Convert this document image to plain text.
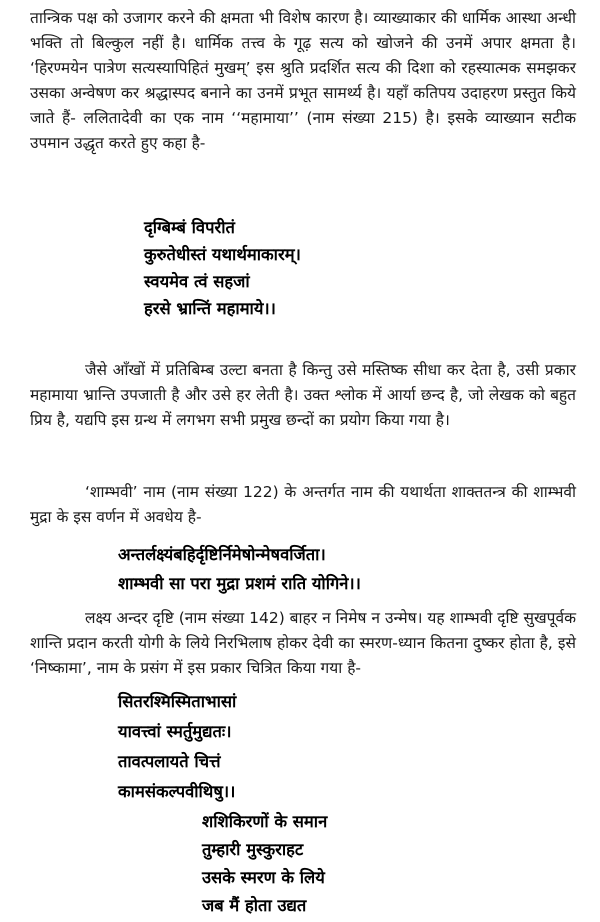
तान्त्रिक पक्ष को उजागर करने की क्षमता भी विशेष कारण है। व्याख्याकार की धार्मिक आस्था अन्धी भक्ति तो बिल्कुल नहीं है। धार्मिक तत्त्व के गूढ़ सत्य को खोजने की उनमें अपार क्षमता है। ‘हिरण्मयेन पात्रेण सत्यस्यापिहितं मुखम्’ इस श्रुति प्रदर्शित सत्य की दिशा को रहस्यात्मक समझकर उसका अन्वेषण कर श्रद्धास्पद बनाने का उनमें प्रभूत सामर्थ्य है। यहाँ कतिपय उदाहरण प्रस्तुत किये जाते हैं- ललितादेवी का एक नाम ‘‘महामाया’’ (नाम संख्या 215) है। इसके व्याख्यान सटीक उपमान उद्धृत करते हुए कहा है-

दृग्बिम्बं विपरीतं
कुरुतेधीस्तं यथार्थमाकारम्।
स्वयमेव त्वं सहजां
हरसे भ्रान्तिं महामाये।।

जैसे आँखों में प्रतिबिम्ब उल्टा बनता है किन्तु उसे मस्तिष्क सीधा कर देता है, उसी प्रकार महामाया भ्रान्ति उपजाती है और उसे हर लेती है। उक्त श्लोक में आर्या छन्द है, जो लेखक को बहुत प्रिय है, यद्यपि इस ग्रन्थ में लगभग सभी प्रमुख छन्दों का प्रयोग किया गया है।

‘शाम्भवी’ नाम (नाम संख्या 122) के अन्तर्गत नाम की यथार्थता शाक्ततन्त्र की शाम्भवी मुद्रा के इस वर्णन में अवधेय है-

अन्तर्लक्ष्यंबहिर्दृष्टिर्निमेषोन्मेषवर्जिता।
शाम्भवी सा परा मुद्रा प्रशमं राति योगिने।।

लक्ष्य अन्दर दृष्टि (नाम संख्या 142) बाहर न निमेष न उन्मेष। यह शाम्भवी दृष्टि सुखपूर्वक शान्ति प्रदान करती योगी के लिये निरभिलाष होकर देवी का स्मरण-ध्यान कितना दुष्कर होता है, इसे ‘निष्कामा’, नाम के प्रसंग में इस प्रकार चित्रित किया गया है-

सितरश्मिस्मिताभासां
यावत्त्वां स्मर्तुमुद्यतः।
तावत्पलायते चित्तं
कामसंकल्पवीथिषु।।
शशिकिरणों के समान
तुम्हारी मुस्कुराहट
उसके स्मरण के लिये
जब मैं होता उद्यत
